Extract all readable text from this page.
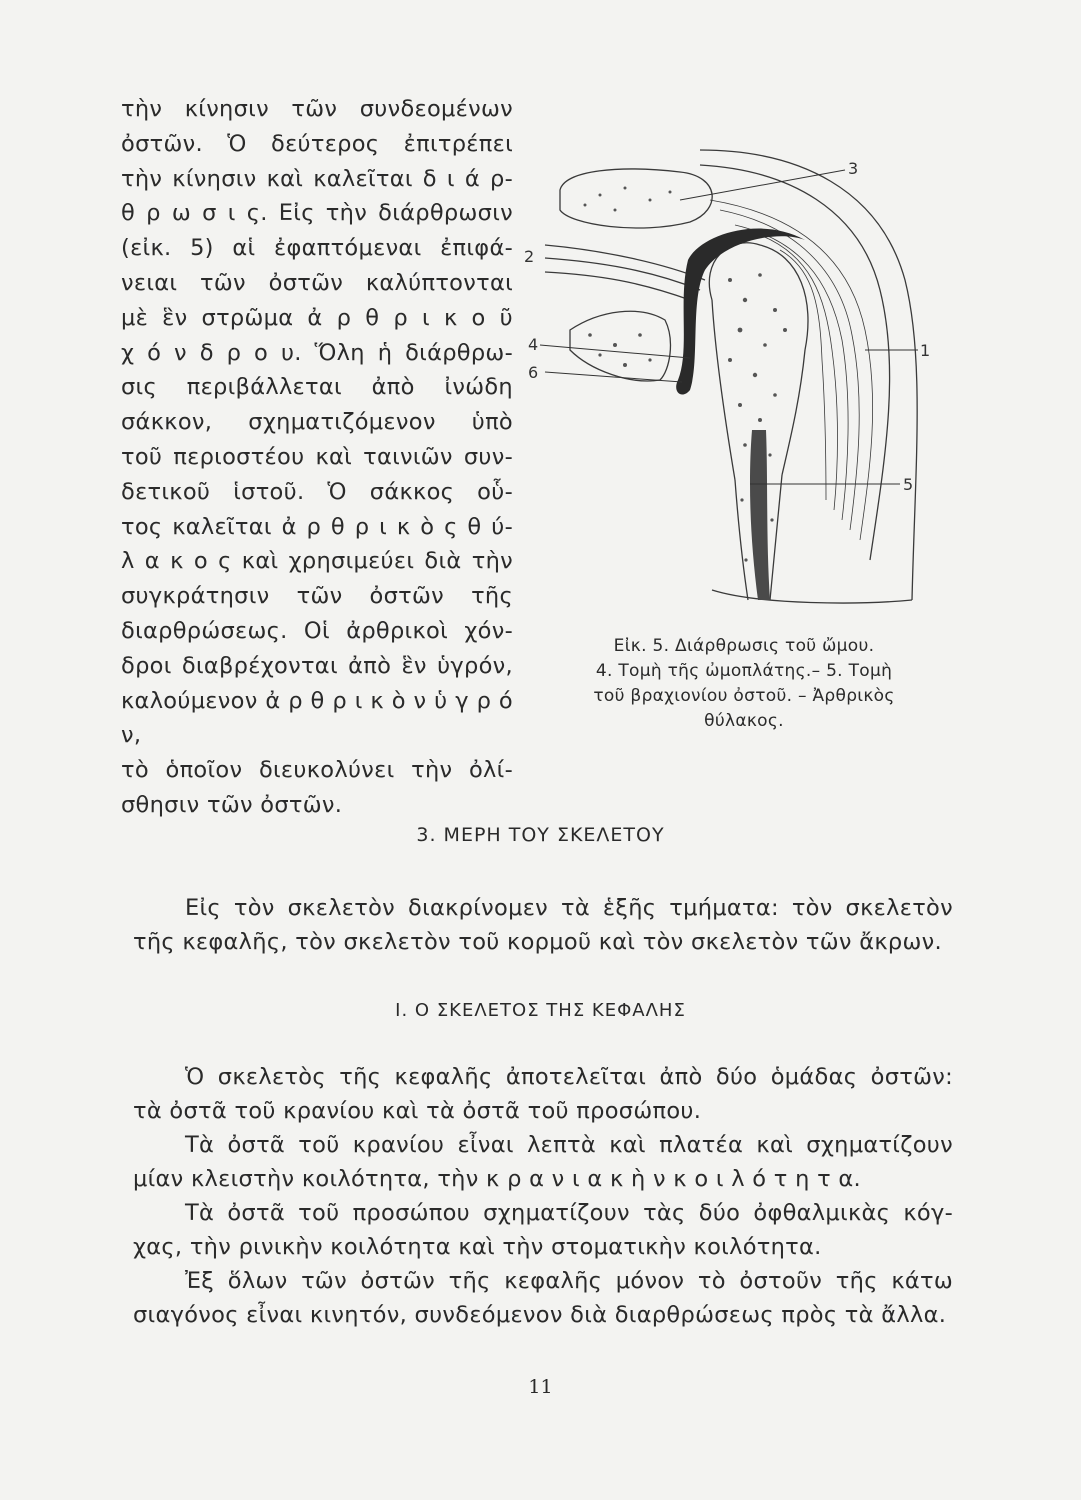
τὴν κίνησιν τῶν συνδεομένων

ὀστῶν. Ὁ δεύτερος ἐπιτρέπει

τὴν κίνησιν καὶ καλεῖται δ ι ά ρ-

θ ρ ω σ ι ς. Εἰς τὴν διάρθρωσιν

(εἰκ. 5) αἱ ἐφαπτόμεναι ἐπιφά-

νειαι τῶν ὀστῶν καλύπτονται

μὲ ἓν στρῶμα ἀ ρ θ ρ ι κ ο ῦ

χ ό ν δ ρ ο υ. Ὅλη ἡ διάρθρω-

σις περιβάλλεται ἀπὸ ἰνώδη

σάκκον, σχηματιζόμενον ὑπὸ

τοῦ περιοστέου καὶ ταινιῶν συν-

δετικοῦ ἱστοῦ. Ὁ σάκκος οὗ-

τος καλεῖται ἀ ρ θ ρ ι κ ὸ ς θ ύ-

λ α κ ο ς καὶ χρησιμεύει διὰ τὴν

συγκράτησιν τῶν ὀστῶν τῆς

διαρθρώσεως. Οἱ ἀρθρικοὶ χόν-

δροι διαβρέχονται ἀπὸ ἓν ὑγρόν,

καλούμενον ἀ ρ θ ρ ι κ ὸ ν ὑ γ ρ ό ν,

τὸ ὁποῖον διευκολύνει τὴν ὀλί-

σθησιν τῶν ὀστῶν.

3
2
4
6
1
5
Εἰκ. 5. Διάρθρωσις τοῦ ὤμου.
4. Τομὴ τῆς ὠμοπλάτης.– 5. Τομὴ
τοῦ βραχιονίου ὀστοῦ. – Ἀρθρικὸς
θύλακος.
3. ΜΕΡΗ ΤΟΥ ΣΚΕΛΕΤΟΥ

Εἰς τὸν σκελετὸν διακρίνομεν τὰ ἑξῆς τμήματα: τὸν σκελετὸν

τῆς κεφαλῆς, τὸν σκελετὸν τοῦ κορμοῦ καὶ τὸν σκελετὸν τῶν ἄκρων.

I. Ο ΣΚΕΛΕΤΟΣ ΤΗΣ ΚΕΦΑΛΗΣ

Ὁ σκελετὸς τῆς κεφαλῆς ἀποτελεῖται ἀπὸ δύο ὁμάδας ὀστῶν:

τὰ ὀστᾶ τοῦ κρανίου καὶ τὰ ὀστᾶ τοῦ προσώπου.

Τὰ ὀστᾶ τοῦ κρανίου εἶναι λεπτὰ καὶ πλατέα καὶ σχηματίζουν

μίαν κλειστὴν κοιλότητα, τὴν κ ρ α ν ι α κ ὴ ν κ ο ι λ ό τ η τ α.

Τὰ ὀστᾶ τοῦ προσώπου σχηματίζουν τὰς δύο ὀφθαλμικὰς κόγ-

χας, τὴν ρινικὴν κοιλότητα καὶ τὴν στοματικὴν κοιλότητα.

Ἐξ ὅλων τῶν ὀστῶν τῆς κεφαλῆς μόνον τὸ ὀστοῦν τῆς κάτω

σιαγόνος εἶναι κινητόν, συνδεόμενον διὰ διαρθρώσεως πρὸς τὰ ἄλλα.

11
